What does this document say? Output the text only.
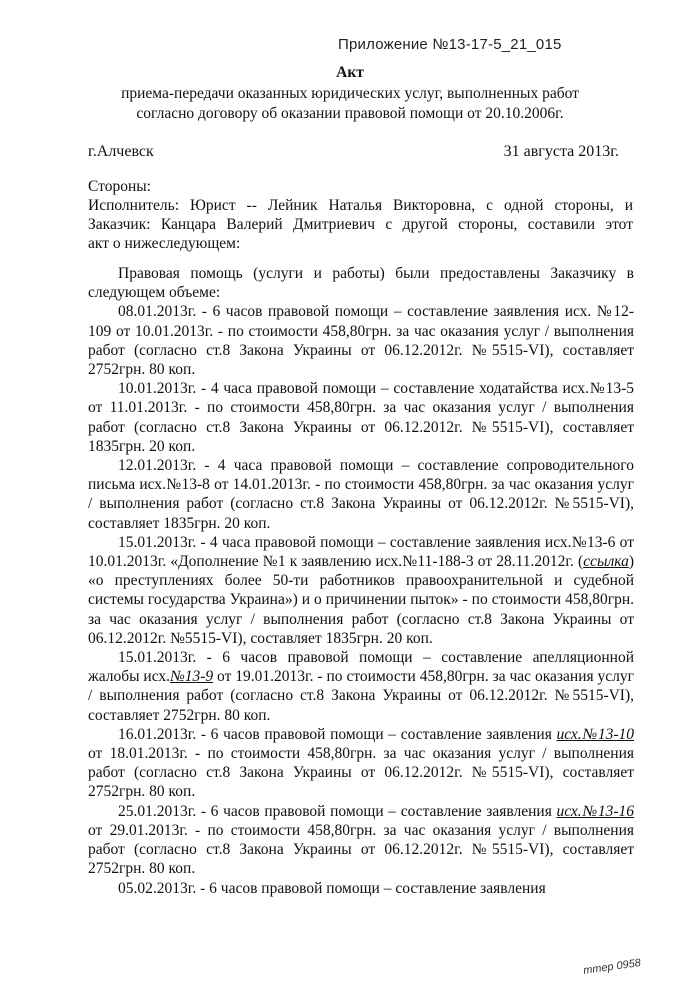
Приложение №13-17-5_21_015
Акт
приема-передачи оказанных юридических услуг, выполненных работ
согласно договору об оказании правовой помощи от 20.10.2006г.
г.Алчевск	31 августа 2013г.

Стороны:

Исполнитель: Юрист -- Лейник Наталья Викторовна, с одной стороны, и

Заказчик: Канцара Валерий Дмитриевич с другой стороны, составили этот

акт о нижеследующем:

Правовая помощь (услуги и работы) были предоставлены Заказчику в следующем объеме:

08.01.2013г. - 6 часов правовой помощи – составление заявления исх. №12-109 от 10.01.2013г. - по стоимости 458,80грн. за час оказания услуг / выполнения работ (согласно ст.8 Закона Украины от 06.12.2012г. №5515-VI), составляет 2752грн. 80 коп.

10.01.2013г. - 4 часа правовой помощи – составление ходатайства исх.№13-5 от 11.01.2013г. - по стоимости 458,80грн. за час оказания услуг / выполнения работ (согласно ст.8 Закона Украины от 06.12.2012г. №5515-VI), составляет 1835грн. 20 коп.

12.01.2013г. - 4 часа правовой помощи – составление сопроводительного письма исх.№13-8 от 14.01.2013г. - по стоимости 458,80грн. за час оказания услуг / выполнения работ (согласно ст.8 Закона Украины от 06.12.2012г. №5515-VI), составляет 1835грн. 20 коп.

15.01.2013г. - 4 часа правовой помощи – составление заявления исх.№13-6 от 10.01.2013г. «Дополнение №1 к заявлению исх.№11-188-3 от 28.11.2012г. (ссылка) «о преступлениях более 50-ти работников правоохранительной и судебной системы государства Украина») и о причинении пыток» - по стоимости 458,80грн. за час оказания услуг / выполнения работ (согласно ст.8 Закона Украины от 06.12.2012г. №5515-VI), составляет 1835грн. 20 коп.

15.01.2013г. - 6 часов правовой помощи – составление апелляционной жалобы исх.№13-9 от 19.01.2013г. - по стоимости 458,80грн. за час оказания услуг / выполнения работ (согласно ст.8 Закона Украины от 06.12.2012г. №5515-VI), составляет 2752грн. 80 коп.

16.01.2013г. - 6 часов правовой помощи – составление заявления исх.№13-10 от 18.01.2013г. - по стоимости 458,80грн. за час оказания услуг / выполнения работ (согласно ст.8 Закона Украины от 06.12.2012г. №5515-VI), составляет 2752грн. 80 коп.

25.01.2013г. - 6 часов правовой помощи – составление заявления исх.№13-16 от 29.01.2013г. - по стоимости 458,80грн. за час оказания услуг / выполнения работ (согласно ст.8 Закона Украины от 06.12.2012г. №5515-VI), составляет 2752грн. 80 коп.

05.02.2013г. - 6 часов правовой помощи – составление заявления

ттер 0958
